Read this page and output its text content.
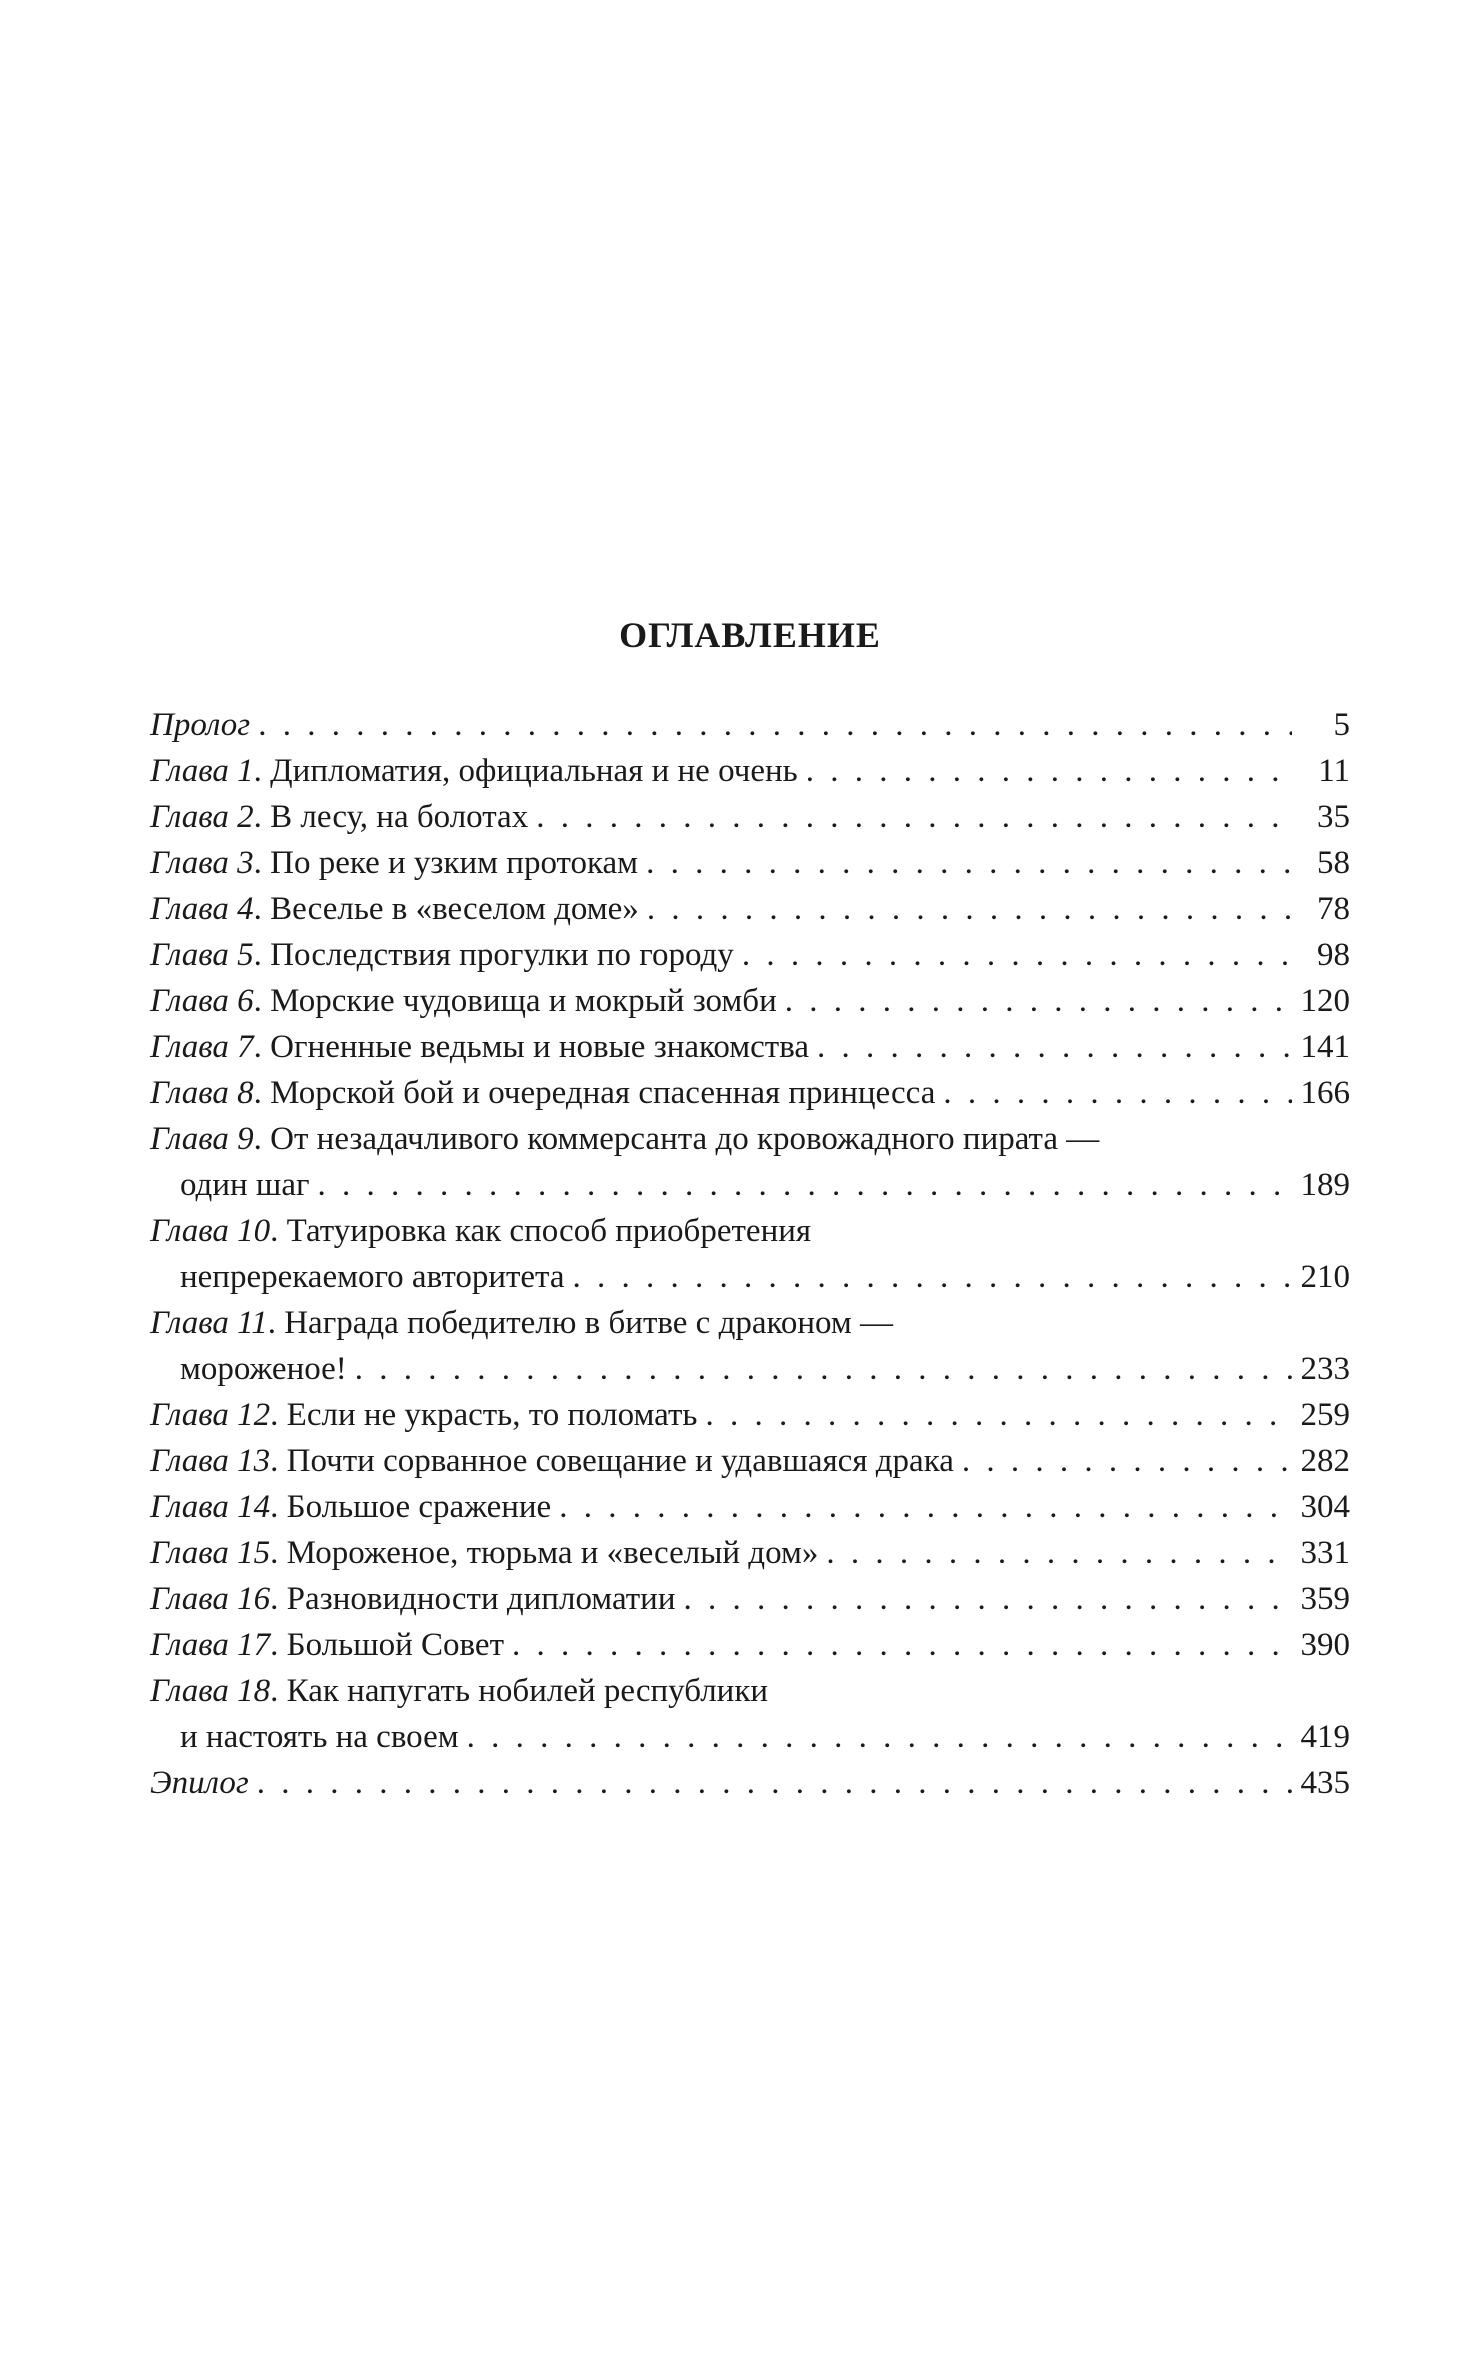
ОГЛАВЛЕНИЕ
Пролог . . .	5
Глава 1. Дипломатия, официальная и не очень . . .	11
Глава 2. В лесу, на болотах . . .	35
Глава 3. По реке и узким протокам . . .	58
Глава 4. Веселье в «веселом доме» . . .	78
Глава 5. Последствия прогулки по городу . . .	98
Глава 6. Морские чудовища и мокрый зомби . . .	120
Глава 7. Огненные ведьмы и новые знакомства . . .	141
Глава 8. Морской бой и очередная спасенная принцесса . . .	166
Глава 9. От незадачливого коммерсанта до кровожадного пирата —
один шаг . . .	189
Глава 10. Татуировка как способ приобретения
непререкаемого авторитета . . .	210
Глава 11. Награда победителю в битве с драконом —
мороженое! . . .	233
Глава 12. Если не украсть, то поломать . . .	259
Глава 13. Почти сорванное совещание и удавшаяся драка . . .	282
Глава 14. Большое сражение . . .	304
Глава 15. Мороженое, тюрьма и «веселый дом» . . .	331
Глава 16. Разновидности дипломатии . . .	359
Глава 17. Большой Совет . . .	390
Глава 18. Как напугать нобилей республики
и настоять на своем . . .	419
Эпилог . . .	435
